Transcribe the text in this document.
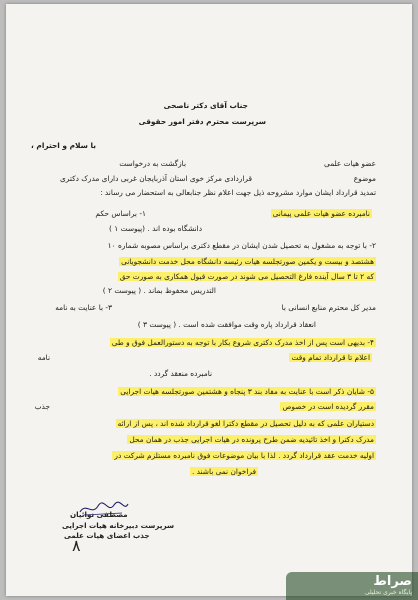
جناب آقای دکتر ناصحی
سرپرست محترم دفتر امور حقوقی
با سلام و احترام ،
بازگشت به درخواست	عضو هیات علمی
قراردادی مرکز خوی استان آذربایجان غربی دارای مدرک دکتری	موضوع
تمدید قرارداد ایشان موارد مشروحه ذیل جهت اعلام نظر جنابعالی به استحضار می رساند :
۱- براساس حکم	نامبرده عضو هیات علمی پیمانی
دانشگاه بوده اند . (پیوست ۱ )
۲- با توجه به مشغول به تحصیل شدن ایشان در مقطع دکتری براساس مصوبه شماره ۱۰
هشتصد و بیست و یکمین صورتجلسه هیات رئیسه دانشگاه محل خدمت دانشجویانی
که ۲ تا ۳ سال آینده فارغ التحصیل می شوند در صورت قبول همکاری به صورت حق
التدریس محفوظ بماند . ( پیوست ۲ )
۳- با عنایت به نامه	مدیر کل محترم منابع انسانی با
انعقاد قرارداد پاره وقت موافقت شده است . ( پیوست ۳ )
۴- بدیهی است پس از اخذ مدرک دکتری شروع بکار با توجه به دستورالعمل فوق و طی
نامه	اعلام تا قرارداد تمام وقت
نامبرده منعقد گردد .
۵- شایان ذکر است با عنایت به مفاد بند ۳ پنجاه و هشتمین صورتجلسه هیات اجرایی
جذب	مقرر گردیده است در خصوص
دستیاران علمی که به دلیل تحصیل در مقطع دکترا لغو قرارداد شده اند ، پس از ارائه
مدرک دکترا و اخذ تائیدیه ضمن طرح پرونده در هیات اجرایی جذب در همان محل
اولیه خدمت عقد قرارداد گردد . لذا با بیان موضوعات فوق نامبرده مستلزم شرکت در
فراخوان نمی باشند .
مصطفی نوائیان
سرپرست دبیرخانه هیات اجرایی
جذب اعضای هیات علمی
۸
صراط
پایگاه خبری تحلیلی
